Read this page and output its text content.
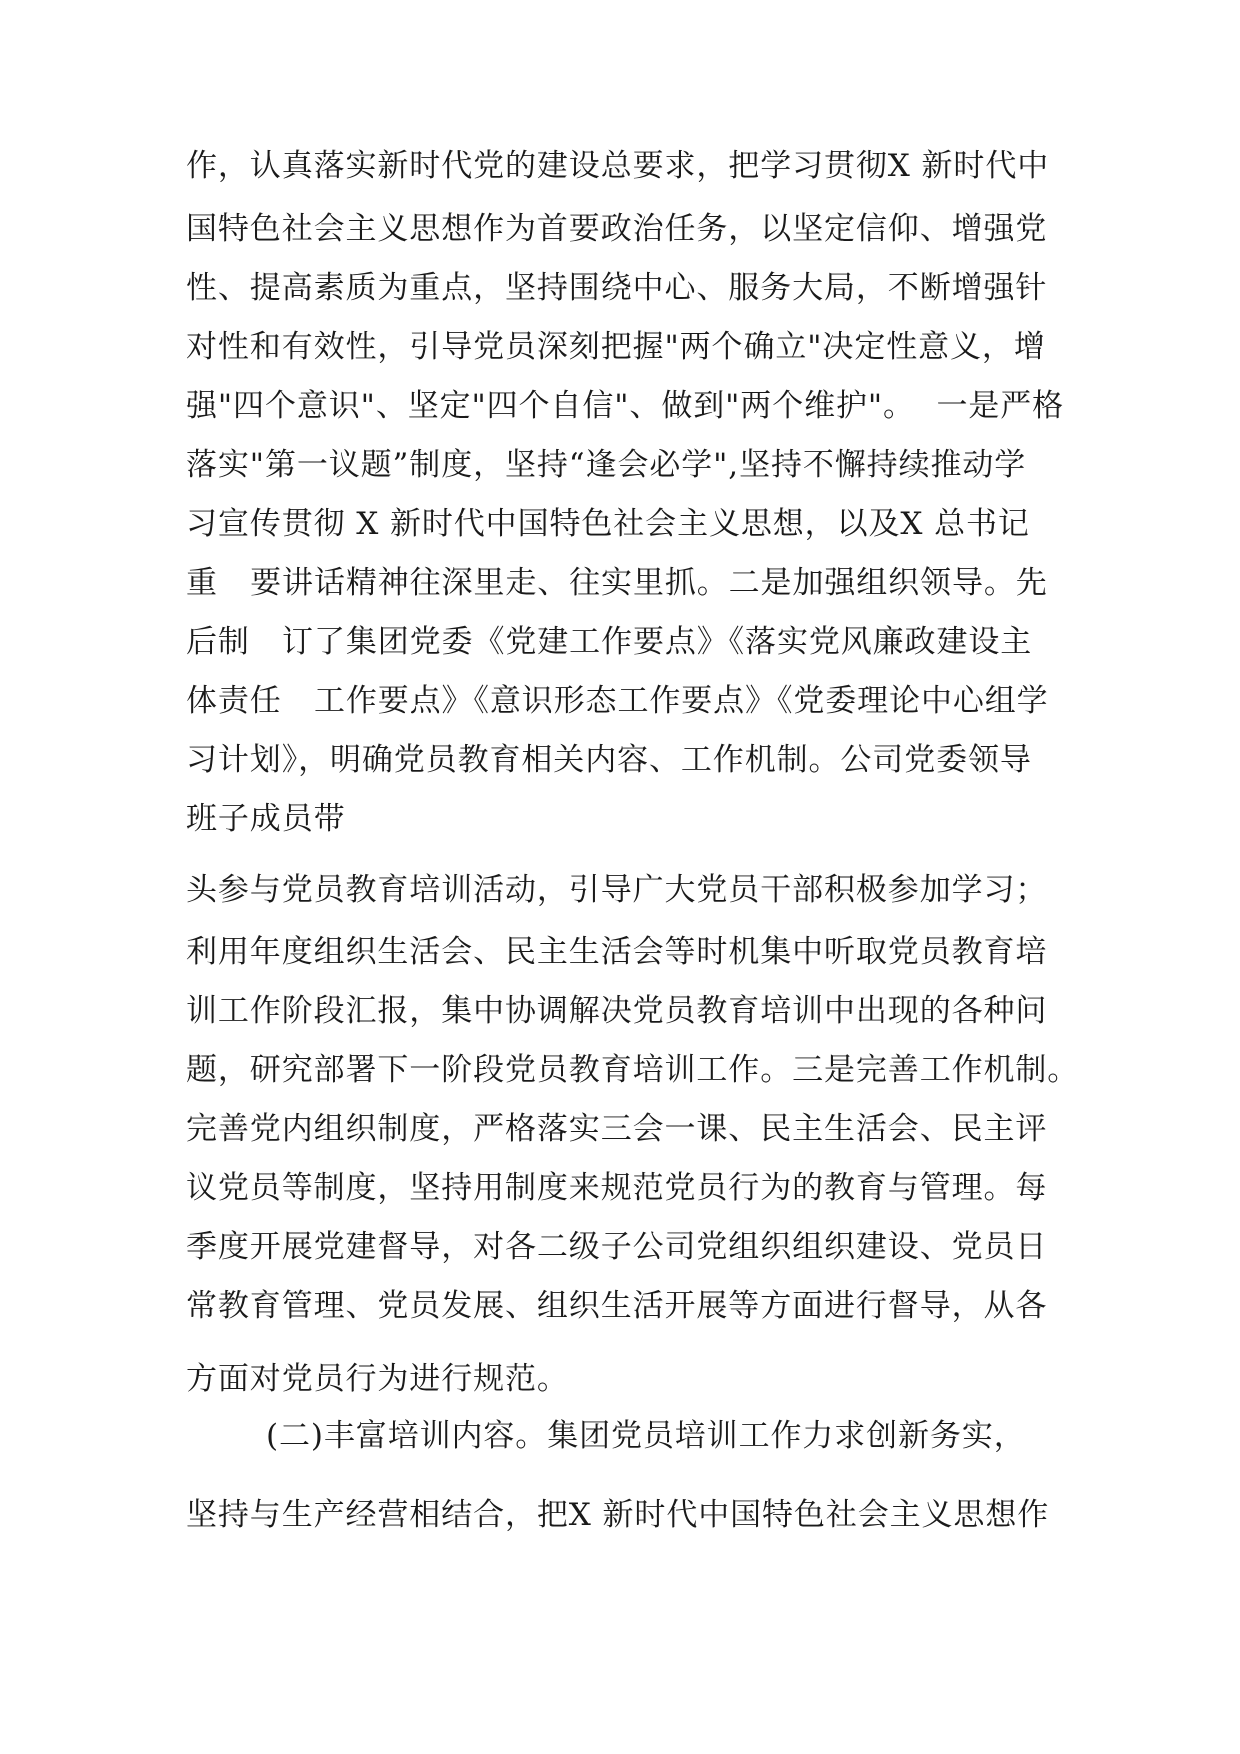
作，认真落实新时代党的建设总要求，把学习贯彻X 新时代中

国特色社会主义思想作为首要政治任务，以坚定信仰、增强党

性、提高素质为重点，坚持围绕中心、服务大局，不断增强针

对性和有效性，引导党员深刻把握"两个确立"决定性意义，增

强"四个意识"、坚定"四个自信"、做到"两个维护"。  一是严格

落实"第一议题”制度，坚持“逢会必学",坚持不懈持续推动学

习宣传贯彻 X 新时代中国特色社会主义思想，以及X 总书记

重   要讲话精神往深里走、往实里抓。二是加强组织领导。先

后制   订了集团党委《党建工作要点》《落实党风廉政建设主

体责任   工作要点》《意识形态工作要点》《党委理论中心组学

习计划》，明确党员教育相关内容、工作机制。公司党委领导

班子成员带

头参与党员教育培训活动，引导广大党员干部积极参加学习；

利用年度组织生活会、民主生活会等时机集中听取党员教育培

训工作阶段汇报，集中协调解决党员教育培训中出现的各种问

题，研究部署下一阶段党员教育培训工作。三是完善工作机制。

完善党内组织制度，严格落实三会一课、民主生活会、民主评

议党员等制度，坚持用制度来规范党员行为的教育与管理。每

季度开展党建督导，对各二级子公司党组织组织建设、党员日

常教育管理、党员发展、组织生活开展等方面进行督导，从各

方面对党员行为进行规范。

(二)丰富培训内容。集团党员培训工作力求创新务实，

坚持与生产经营相结合，把X 新时代中国特色社会主义思想作
